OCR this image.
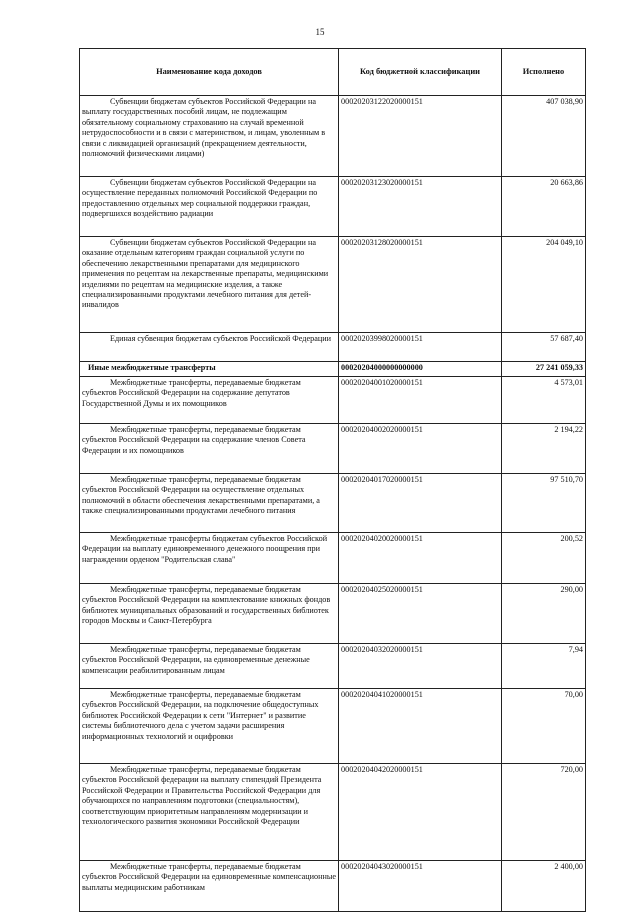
15
Наименование кода доходов	Код бюджетной классификации	Исполнено
Субвенции бюджетам субъектов Российской Федерации на выплату государственных пособий лицам, не подлежащим обязательному социальному страхованию на случай временной нетрудоспособности и в связи с материнством, и лицам, уволенным в связи с ликвидацией организаций (прекращением деятельности, полномочий физическими лицами)	00020203122020000151	407 038,90
Субвенции бюджетам субъектов Российской Федерации на осуществление переданных полномочий Российской Федерации по предоставлению отдельных мер социальной поддержки граждан, подвергшихся воздействию радиации	00020203123020000151	20 663,86
Субвенции бюджетам субъектов Российской Федерации на оказание отдельным категориям граждан социальной услуги по обеспечению лекарственными препаратами для медицинского применения по рецептам на лекарственные препараты, медицинскими изделиями по рецептам на медицинские изделия, а также специализированными продуктами лечебного питания для детей-инвалидов	00020203128020000151	204 049,10
Единая субвенция бюджетам субъектов Российской Федерации	00020203998020000151	57 687,40
Иные межбюджетные трансферты	00020204000000000000	27 241 059,33
Межбюджетные трансферты, передаваемые бюджетам субъектов Российской Федерации на содержание депутатов Государственной Думы и их помощников	00020204001020000151	4 573,01
Межбюджетные трансферты, передаваемые бюджетам субъектов Российской Федерации на содержание членов Совета Федерации и их помощников	00020204002020000151	2 194,22
Межбюджетные трансферты, передаваемые бюджетам субъектов Российской Федерации на осуществление отдельных полномочий в области обеспечения лекарственными препаратами, а также специализированными продуктами лечебного питания	00020204017020000151	97 510,70
Межбюджетные трансферты бюджетам субъектов Российской Федерации на выплату единовременного денежного поощрения при награждении орденом "Родительская слава"	00020204020020000151	200,52
Межбюджетные трансферты, передаваемые бюджетам субъектов Российской Федерации на комплектование книжных фондов библиотек муниципальных образований и государственных библиотек городов Москвы и Санкт-Петербурга	00020204025020000151	290,00
Межбюджетные трансферты, передаваемые бюджетам субъектов Российской Федерации, на единовременные денежные компенсации реабилитированным лицам	00020204032020000151	7,94
Межбюджетные трансферты, передаваемые бюджетам субъектов Российской Федерации, на подключение общедоступных библиотек Российской Федерации к сети "Интернет" и развитие системы библиотечного дела с учетом задачи расширения информационных технологий и оцифровки	00020204041020000151	70,00
Межбюджетные трансферты, передаваемые бюджетам субъектов Российской федерации на выплату стипендий Президента Российской Федерации и Правительства Российской Федерации для обучающихся по направлениям подготовки (специальностям), соответствующим приоритетным направлениям модернизации и технологического развития экономики Российской Федерации	00020204042020000151	720,00
Межбюджетные трансферты, передаваемые бюджетам субъектов Российской Федерации на единовременные компенсационные выплаты медицинским работникам	00020204043020000151	2 400,00
